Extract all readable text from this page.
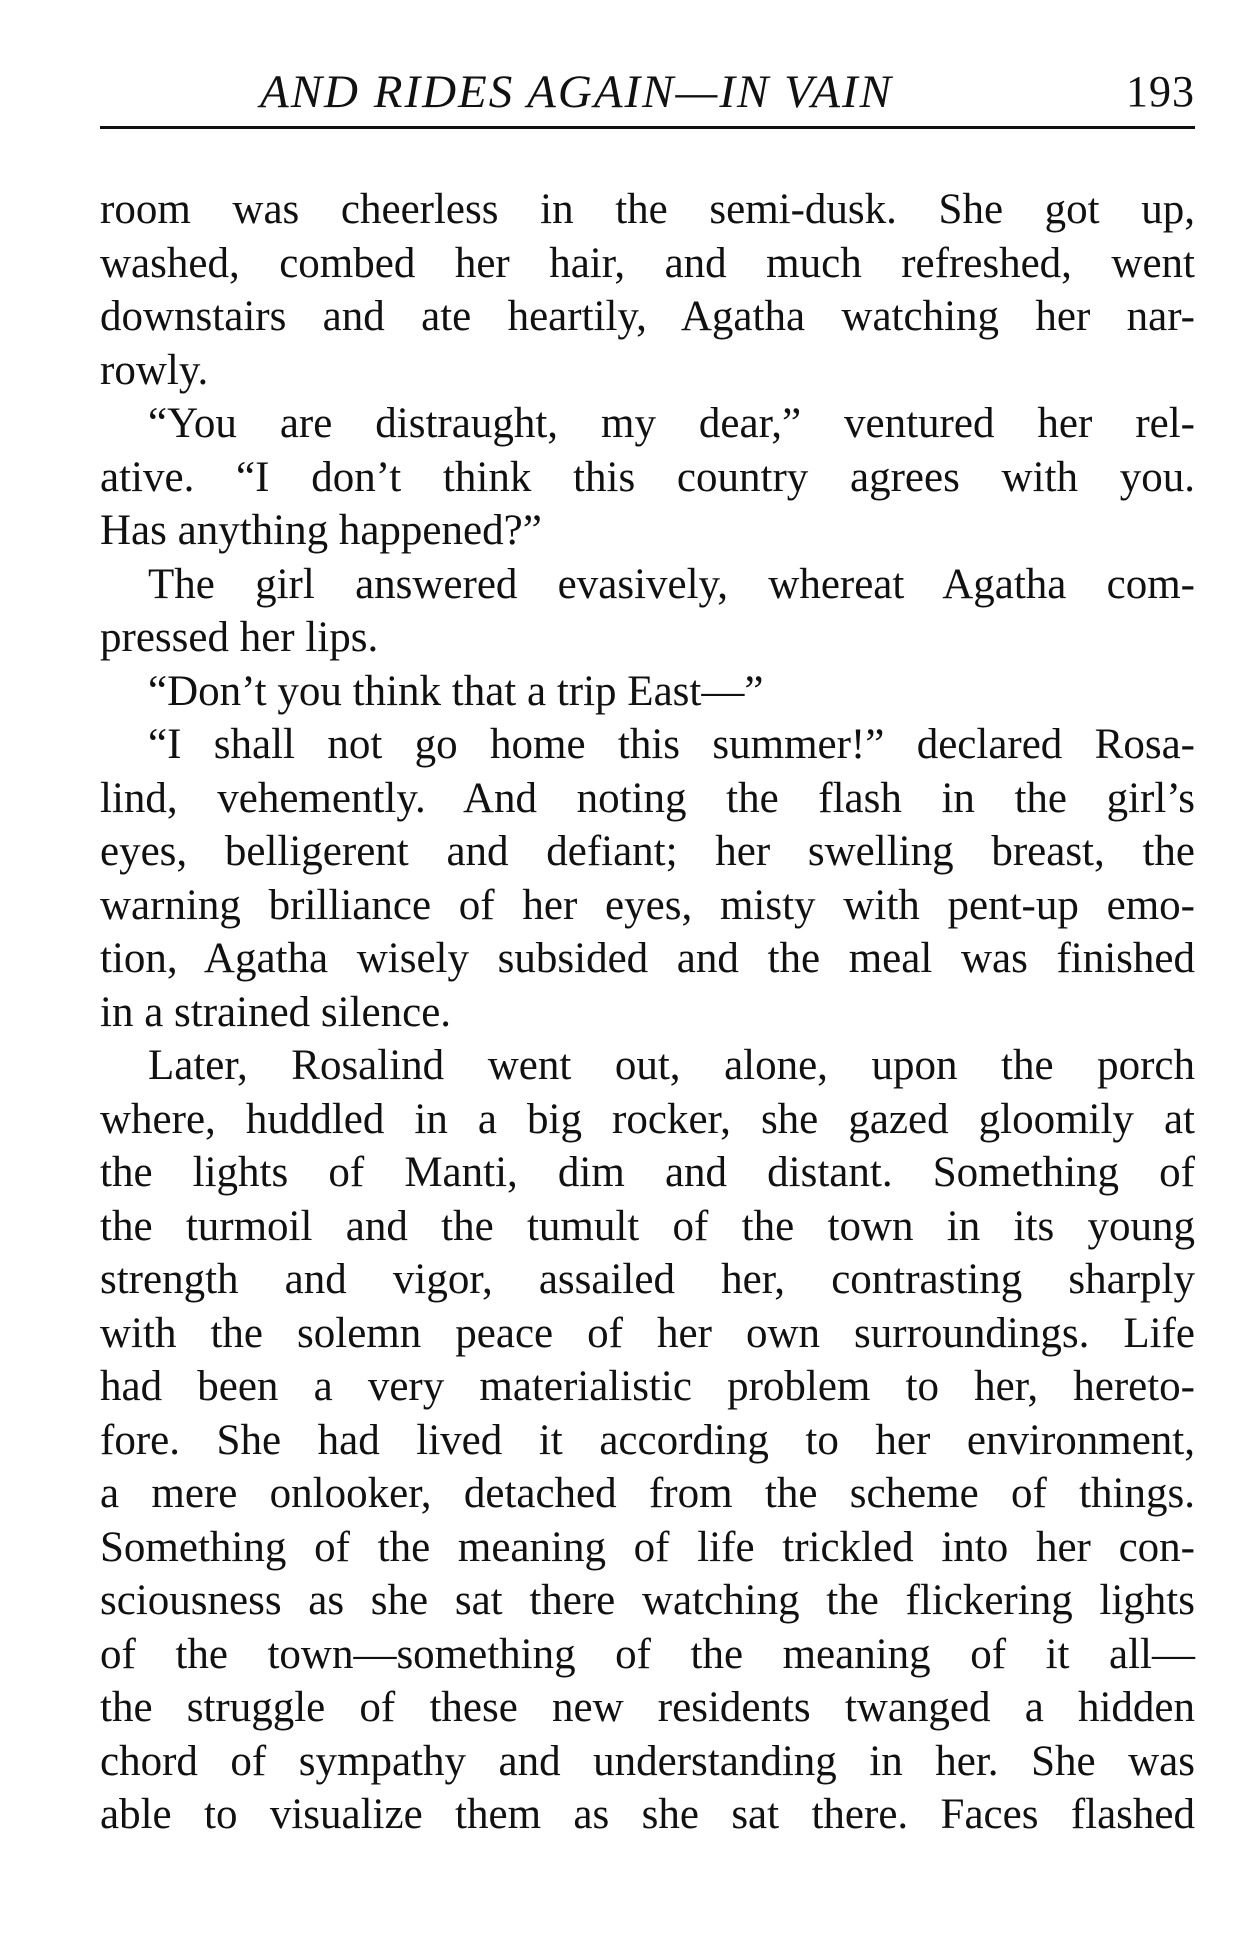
AND RIDES AGAIN—IN VAIN	193
room was cheerless in the semi-dusk. She got up,
washed, combed her hair, and much refreshed, went
downstairs and ate heartily, Agatha watching her nar-
rowly.
“You are distraught, my dear,” ventured her rel-
ative. “I don’t think this country agrees with you.
Has anything happened?”
The girl answered evasively, whereat Agatha com-
pressed her lips.
“Don’t you think that a trip East—”
“I shall not go home this summer!” declared Rosa-
lind, vehemently. And noting the flash in the girl’s
eyes, belligerent and defiant; her swelling breast, the
warning brilliance of her eyes, misty with pent-up emo-
tion, Agatha wisely subsided and the meal was finished
in a strained silence.
Later, Rosalind went out, alone, upon the porch
where, huddled in a big rocker, she gazed gloomily at
the lights of Manti, dim and distant. Something of
the turmoil and the tumult of the town in its young
strength and vigor, assailed her, contrasting sharply
with the solemn peace of her own surroundings. Life
had been a very materialistic problem to her, hereto-
fore. She had lived it according to her environment,
a mere onlooker, detached from the scheme of things.
Something of the meaning of life trickled into her con-
sciousness as she sat there watching the flickering lights
of the town—something of the meaning of it all—
the struggle of these new residents twanged a hidden
chord of sympathy and understanding in her. She was
able to visualize them as she sat there. Faces flashed
